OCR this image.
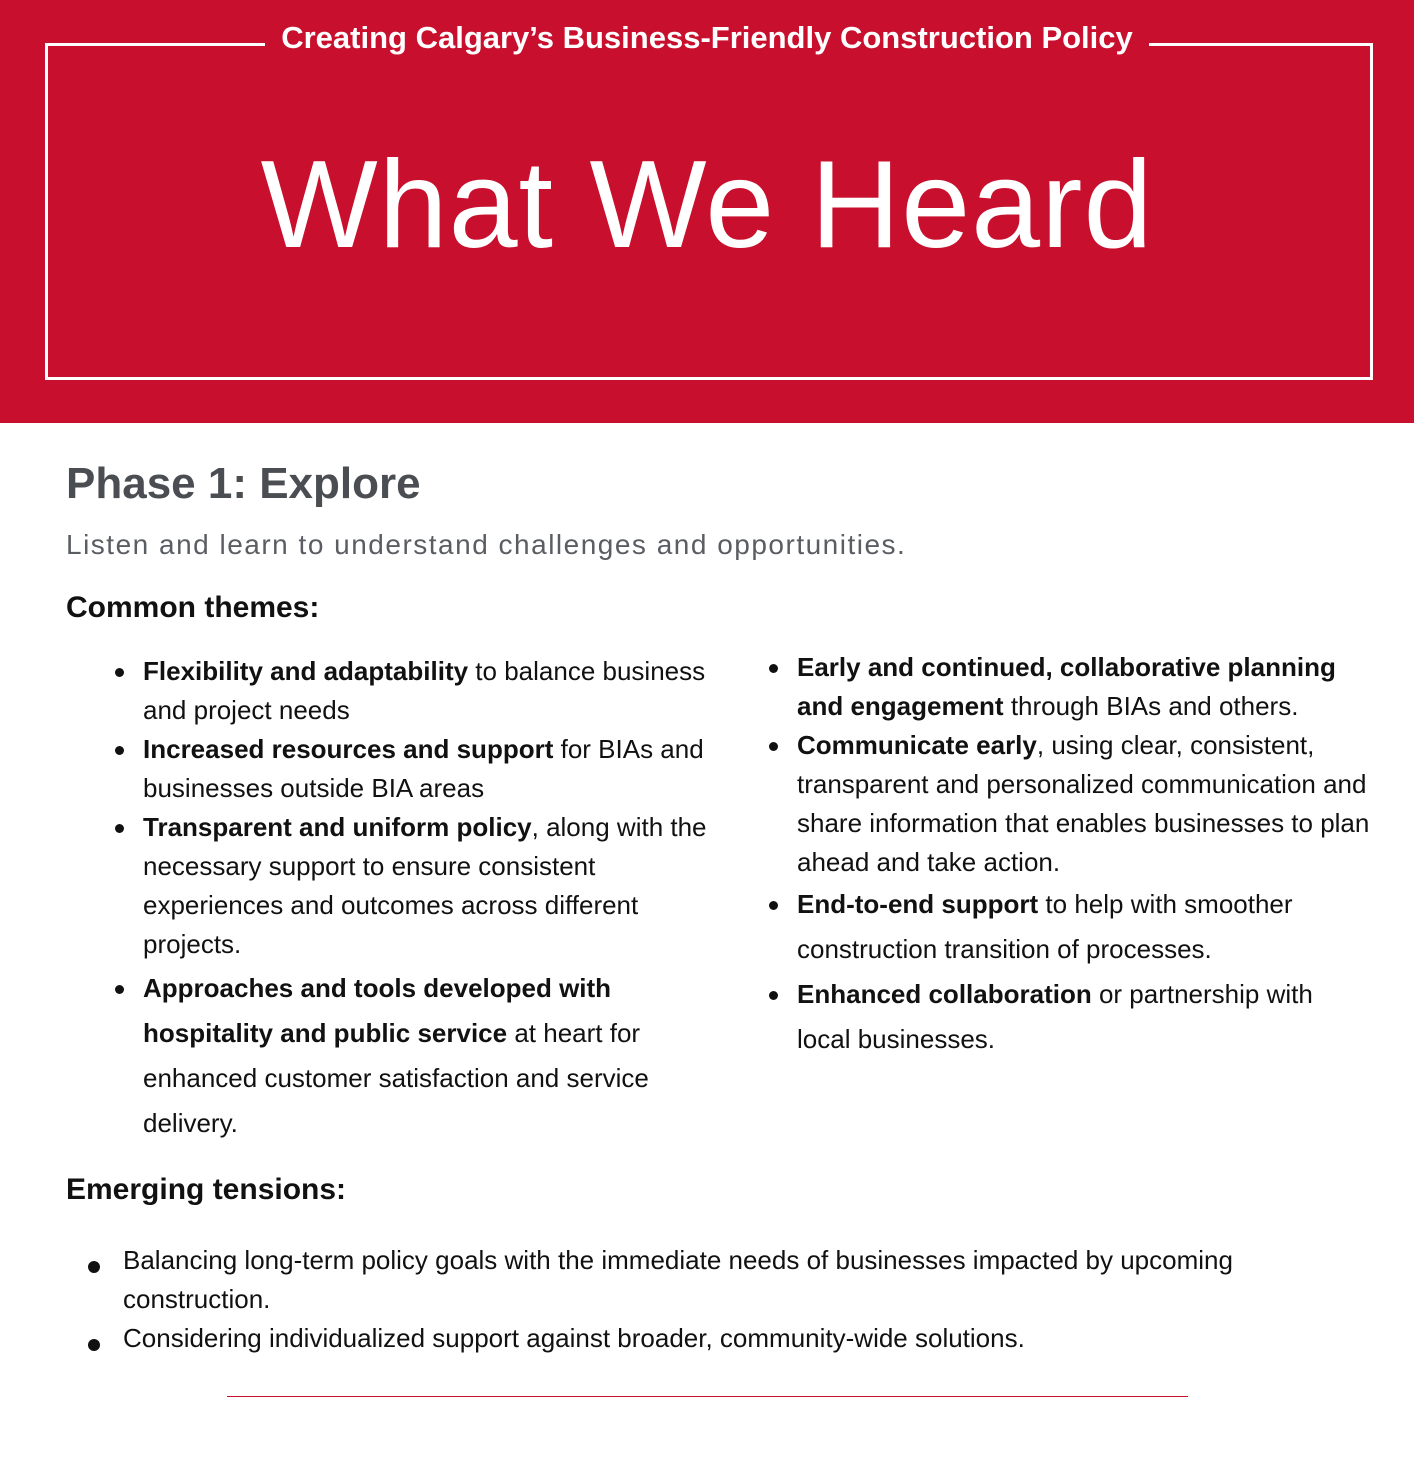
Creating Calgary’s Business-Friendly Construction Policy
What We Heard
Phase 1: Explore
Listen and learn to understand challenges and opportunities.
Common themes:
Flexibility and adaptability to balance business and project needs
Increased resources and support for BIAs and businesses outside BIA areas
Transparent and uniform policy, along with the necessary support to ensure consistent experiences and outcomes across different projects.
Approaches and tools developed with hospitality and public service at heart for enhanced customer satisfaction and service delivery.
Early and continued, collaborative planning and engagement through BIAs and others.
Communicate early, using clear, consistent, transparent and personalized communication and share information that enables businesses to plan ahead and take action.
End-to-end support to help with smoother construction transition of processes.
Enhanced collaboration or partnership with local businesses.
Emerging tensions:
Balancing long-term policy goals with the immediate needs of businesses impacted by upcoming construction.
Considering individualized support against broader, community-wide solutions.
